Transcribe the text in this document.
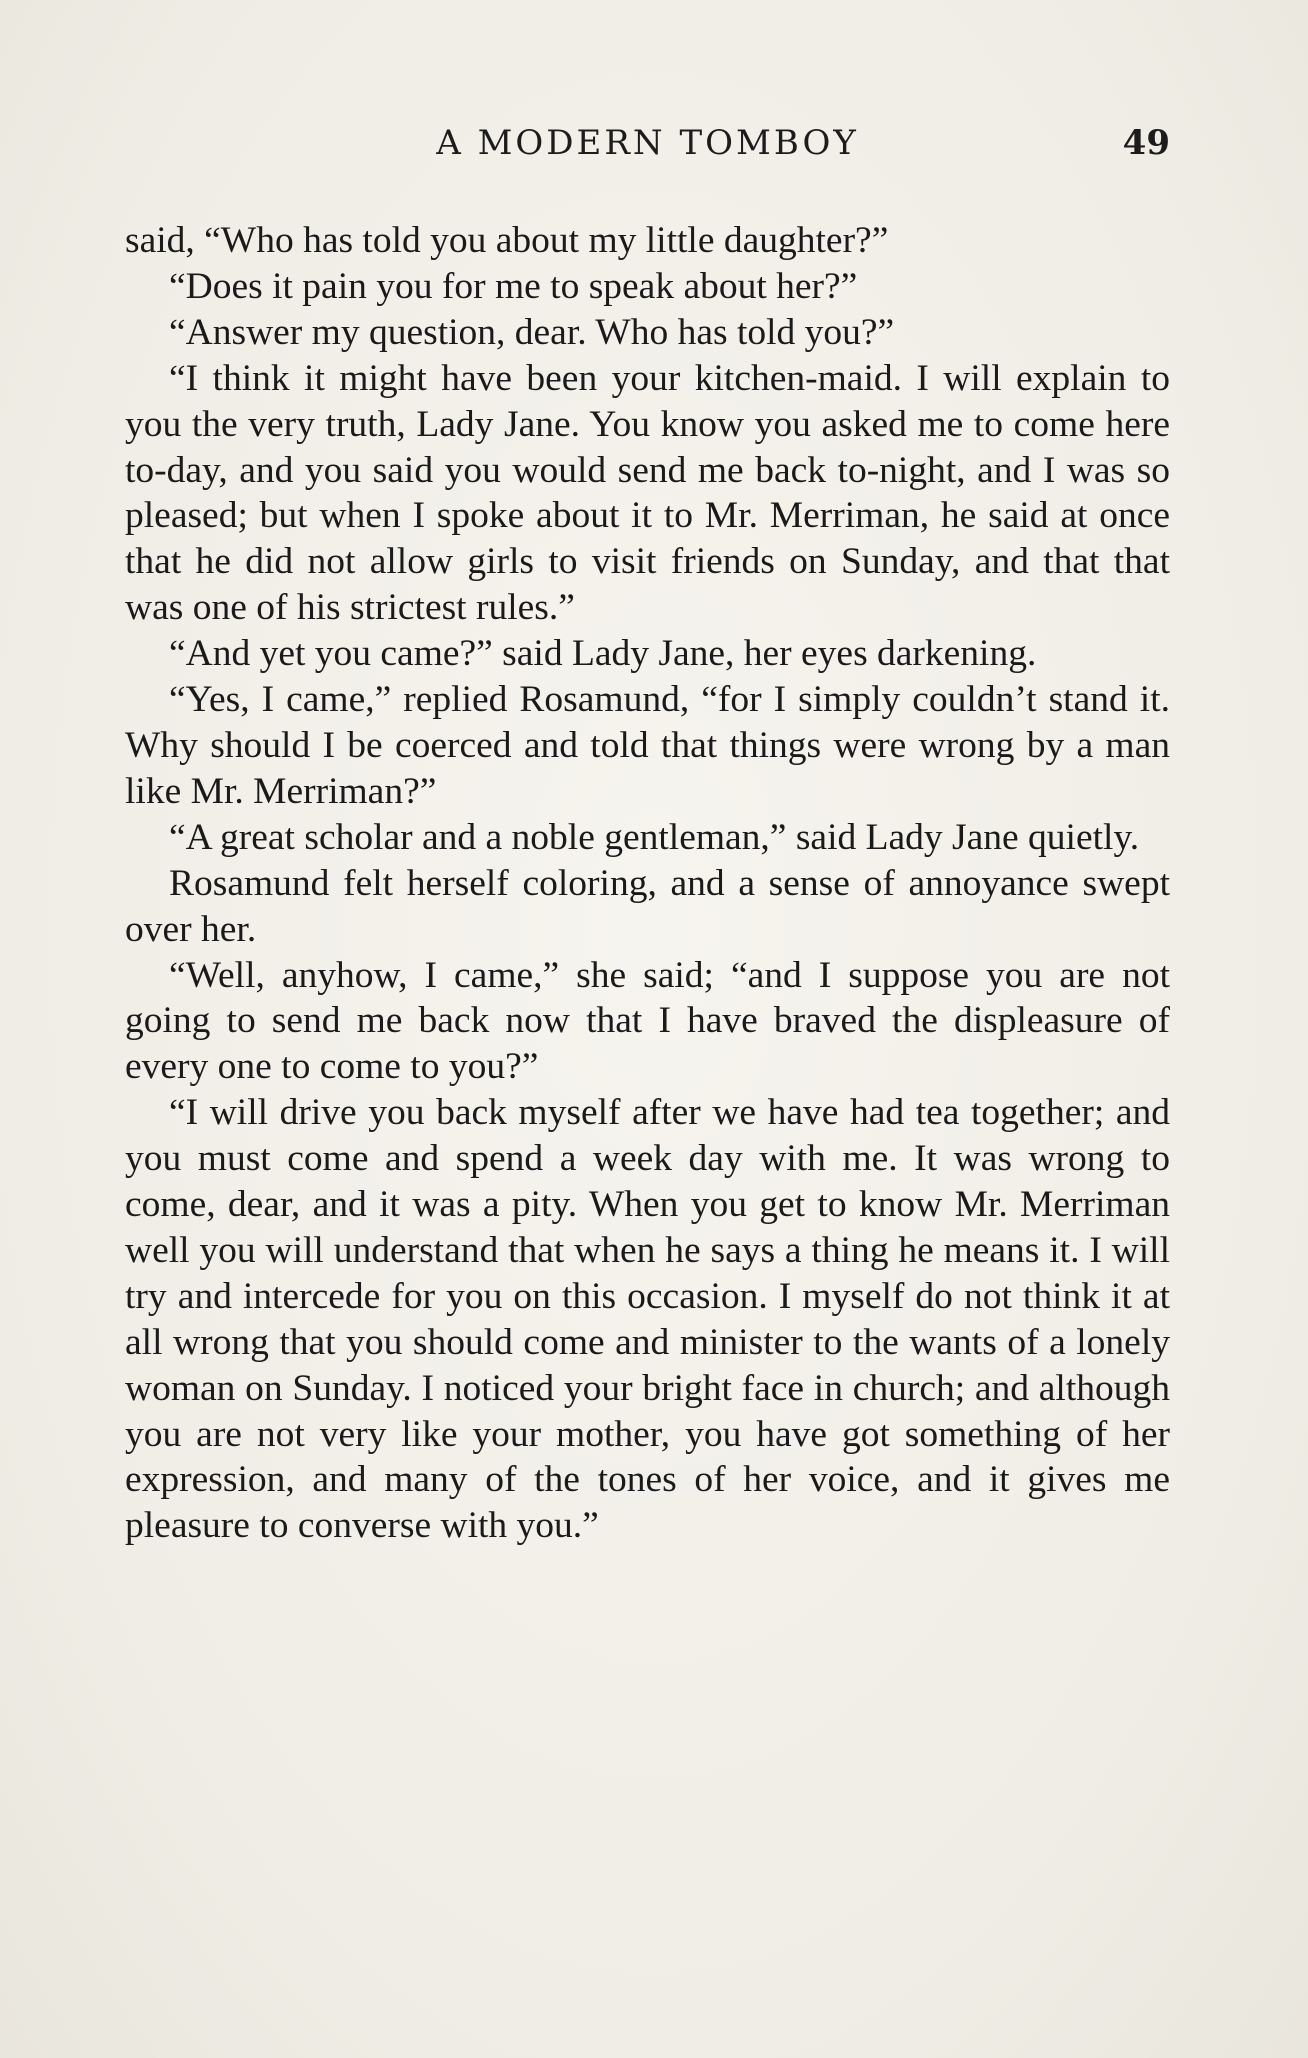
A MODERN TOMBOY	49

said, “Who has told you about my little daughter?”

“Does it pain you for me to speak about her?”

“Answer my question, dear. Who has told you?”

“I think it might have been your kitchen-maid. I will explain to you the very truth, Lady Jane. You know you asked me to come here to-day, and you said you would send me back to-night, and I was so pleased; but when I spoke about it to Mr. Merriman, he said at once that he did not allow girls to visit friends on Sunday, and that that was one of his strictest rules.”

“And yet you came?” said Lady Jane, her eyes darkening.

“Yes, I came,” replied Rosamund, “for I simply couldn’t stand it. Why should I be coerced and told that things were wrong by a man like Mr. Merriman?”

“A great scholar and a noble gentleman,” said Lady Jane quietly.

Rosamund felt herself coloring, and a sense of annoyance swept over her.

“Well, anyhow, I came,” she said; “and I suppose you are not going to send me back now that I have braved the displeasure of every one to come to you?”

“I will drive you back myself after we have had tea together; and you must come and spend a week day with me. It was wrong to come, dear, and it was a pity. When you get to know Mr. Merriman well you will understand that when he says a thing he means it. I will try and intercede for you on this occasion. I myself do not think it at all wrong that you should come and minister to the wants of a lonely woman on Sunday. I noticed your bright face in church; and although you are not very like your mother, you have got something of her expression, and many of the tones of her voice, and it gives me pleasure to converse with you.”
